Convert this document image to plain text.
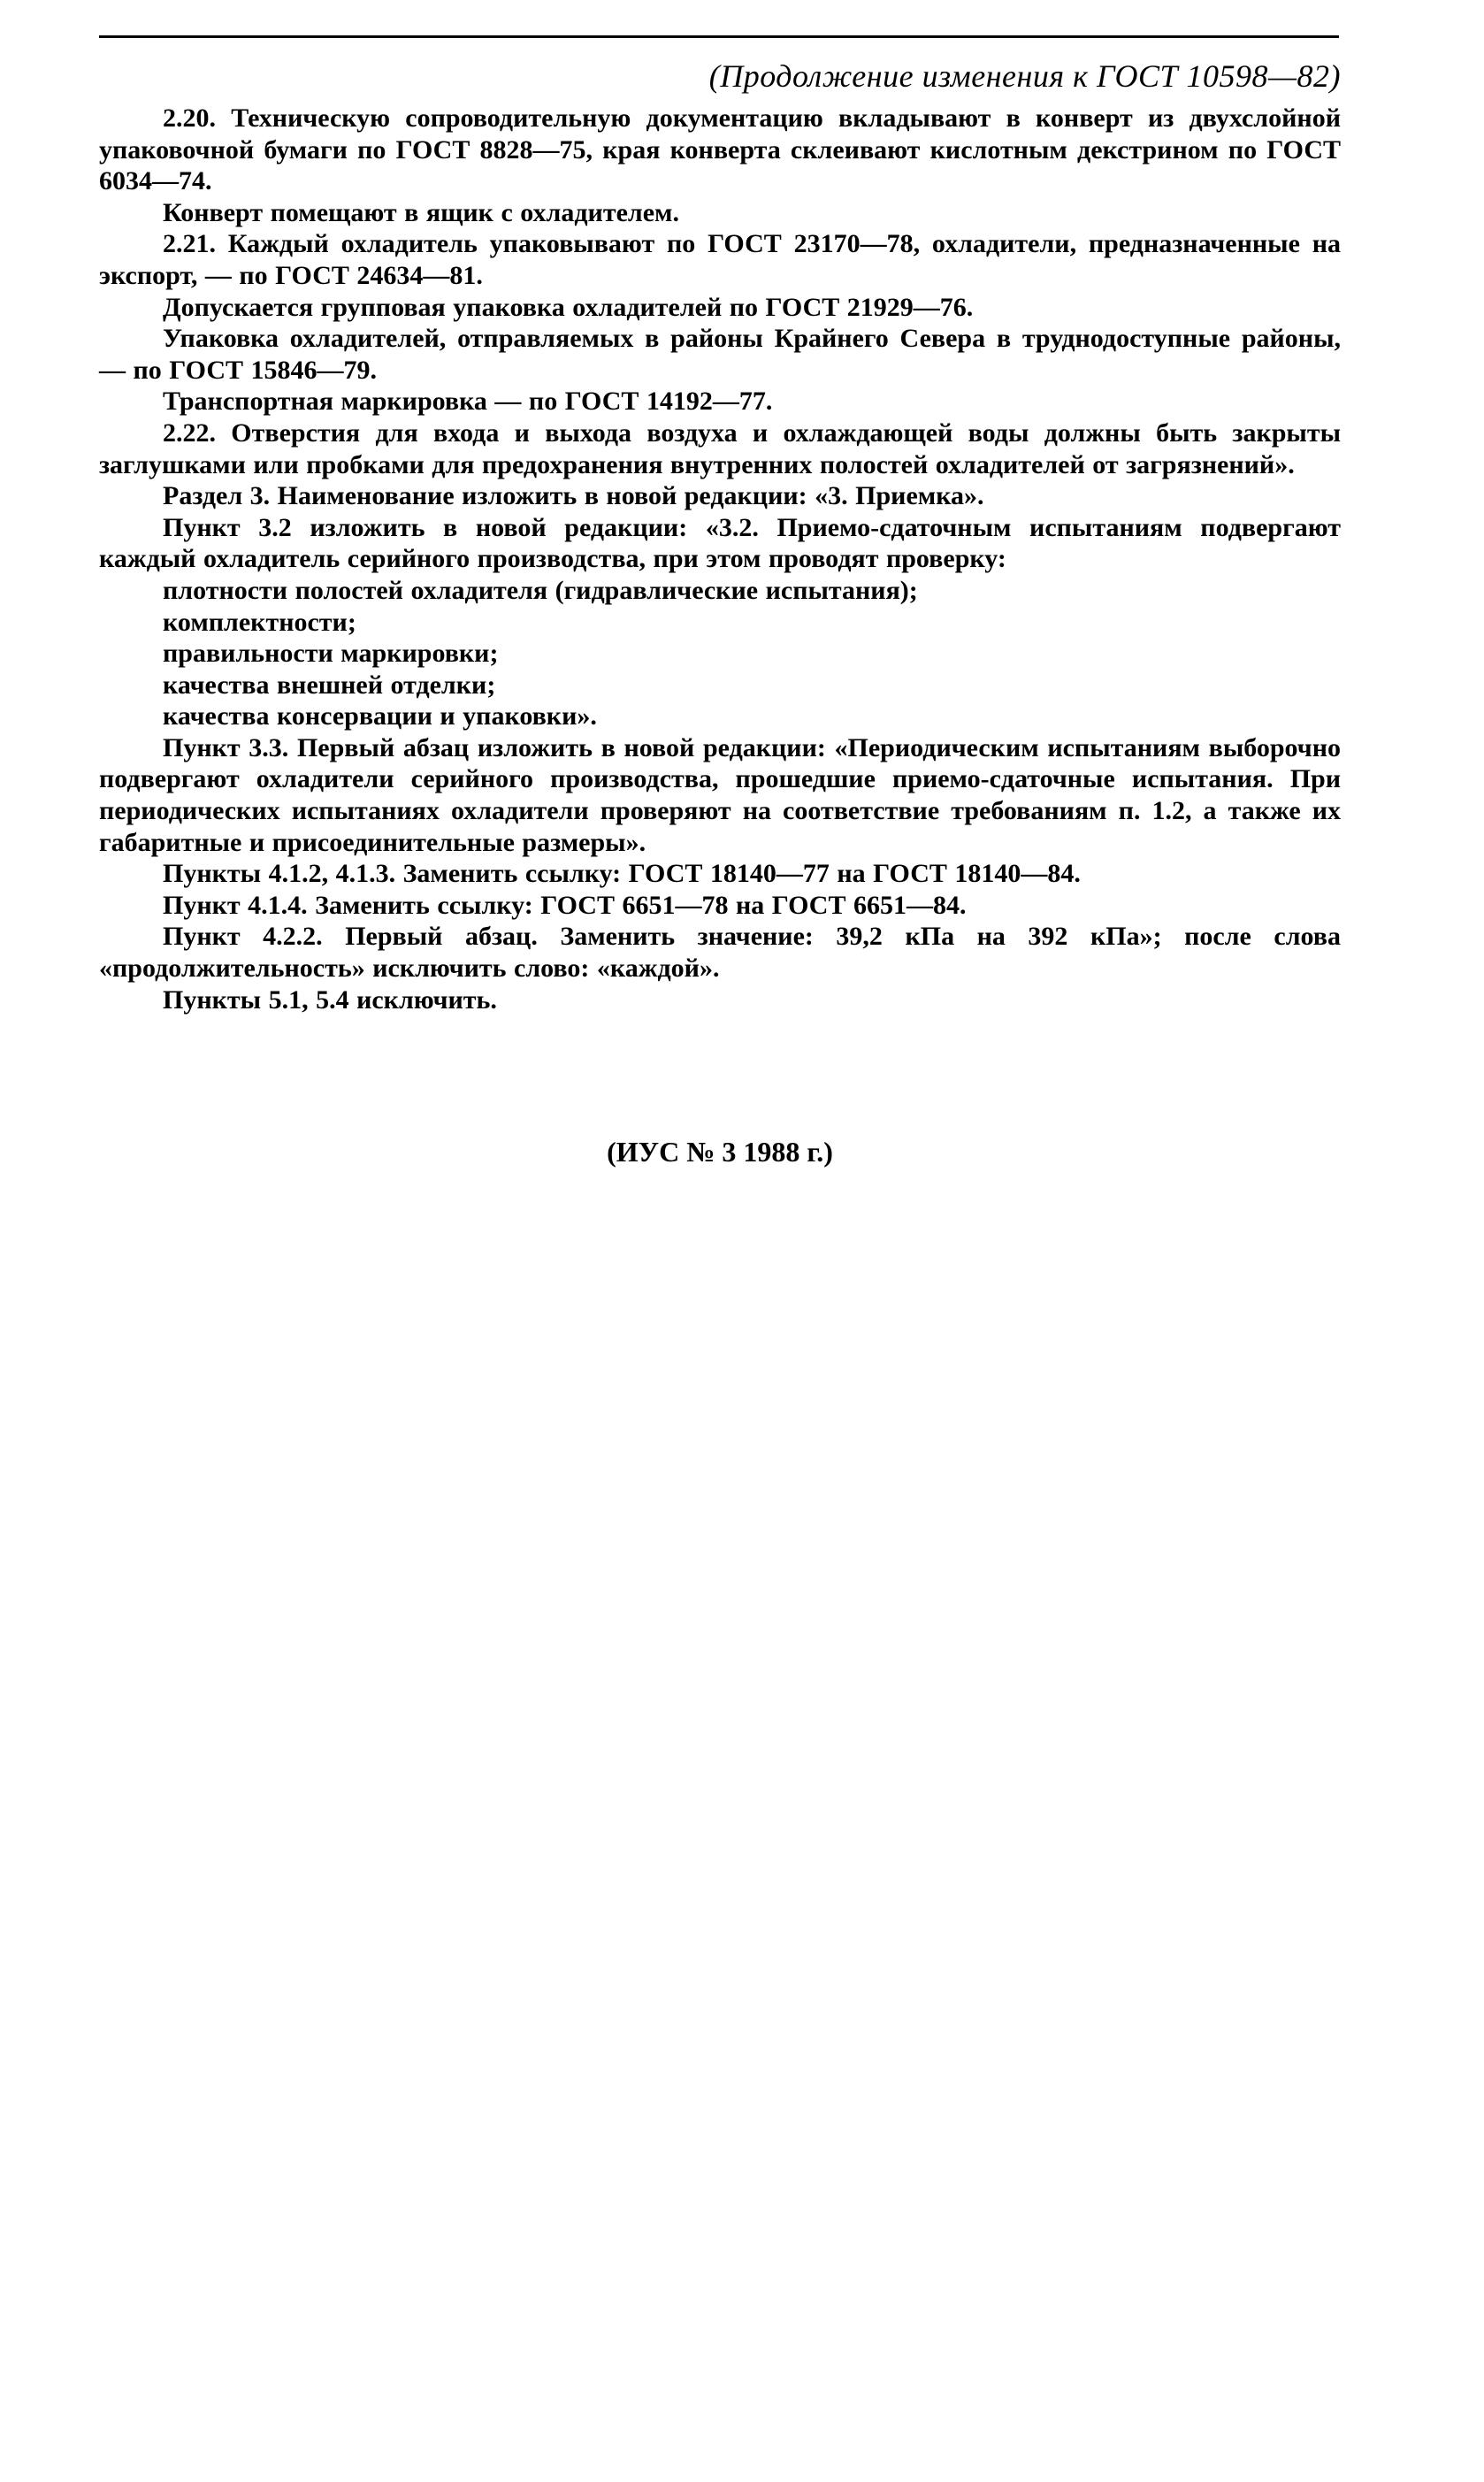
(Продолжение изменения к ГОСТ 10598—82)

2.20. Техническую сопроводительную документацию вкладывают в конверт из двухслойной упаковочной бумаги по ГОСТ 8828—75, края конверта склеивают кислотным декстрином по ГОСТ 6034—74.

Конверт помещают в ящик с охладителем.

2.21. Каждый охладитель упаковывают по ГОСТ 23170—78, охладители, предназначенные на экспорт, — по ГОСТ 24634—81.

Допускается групповая упаковка охладителей по ГОСТ 21929—76.

Упаковка охладителей, отправляемых в районы Крайнего Севера в труднодоступные районы, — по ГОСТ 15846—79.

Транспортная маркировка — по ГОСТ 14192—77.

2.22. Отверстия для входа и выхода воздуха и охлаждающей воды должны быть закрыты заглушками или пробками для предохранения внутренних полостей охладителей от загрязнений».

Раздел 3. Наименование изложить в новой редакции: «3. Приемка».

Пункт 3.2 изложить в новой редакции: «3.2. Приемо-сдаточным испытаниям подвергают каждый охладитель серийного производства, при этом проводят проверку:

плотности полостей охладителя (гидравлические испытания);

комплектности;

правильности маркировки;

качества внешней отделки;

качества консервации и упаковки».

Пункт 3.3. Первый абзац изложить в новой редакции: «Периодическим испытаниям выборочно подвергают охладители серийного производства, прошедшие приемо-сдаточные испытания. При периодических испытаниях охладители проверяют на соответствие требованиям п. 1.2, а также их габаритные и присоединительные размеры».

Пункты 4.1.2, 4.1.3. Заменить ссылку: ГОСТ 18140—77 на ГОСТ 18140—84.

Пункт 4.1.4. Заменить ссылку: ГОСТ 6651—78 на ГОСТ 6651—84.

Пункт 4.2.2. Первый абзац. Заменить значение: 39,2 кПа на 392 кПа»; после слова «продолжительность» исключить слово: «каждой».

Пункты 5.1, 5.4 исключить.

(ИУС № 3 1988 г.)
